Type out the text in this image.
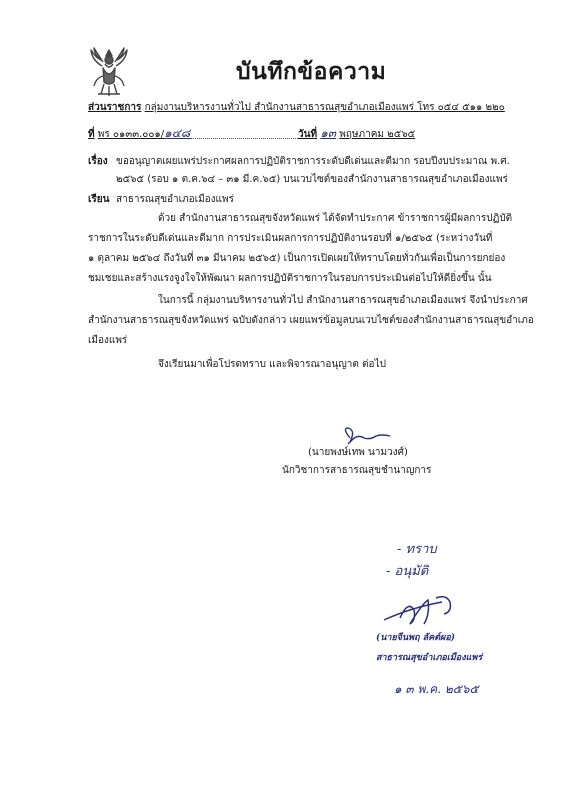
บันทึกข้อความ
ส่วนราชการ กลุ่มงานบริหารงานทั่วไป สำนักงานสาธารณสุขอำเภอเมืองแพร่ โทร ๐๕๔ ๕๑๑ ๒๒๐
ที่ พร ๐๑๓๓.๐๐๑/๑๔๘	วันที่ ๑๓ พฤษภาคม ๒๕๖๕
เรื่อง ขออนุญาตเผยแพร่ประกาศผลการปฏิบัติราชการระดับดีเด่นและดีมาก รอบปีงบประมาณ พ.ศ.
๒๕๖๕ (รอบ ๑ ต.ค.๖๔ – ๓๑ มี.ค.๖๕) บนเวบไซต์ของสำนักงานสาธารณสุขอำเภอเมืองแพร่
เรียน สาธารณสุขอำเภอเมืองแพร่
ด้วย สำนักงานสาธารณสุขจังหวัดแพร่ ได้จัดทำประกาศ ข้าราชการผู้มีผลการปฏิบัติ
ราชการในระดับดีเด่นและดีมาก การประเมินผลการการปฏิบัติงานรอบที่ ๑/๒๕๖๕ (ระหว่างวันที่
๑ ตุลาคม ๒๕๖๔ ถึงวันที่ ๓๑ มีนาคม ๒๕๖๕) เป็นการเปิดเผยให้ทราบโดยทั่วกันเพื่อเป็นการยกย่อง
ชมเชยและสร้างแรงจูงใจให้พัฒนา ผลการปฏิบัติราชการในรอบการประเมินต่อไปให้ดียิ่งขึ้น นั้น
ในการนี้ กลุ่มงานบริหารงานทั่วไป สำนักงานสาธารณสุขอำเภอเมืองแพร่ จึงนำประกาศ
สำนักงานสาธารณสุขจังหวัดแพร่ ฉบับดังกล่าว เผยแพร่ข้อมูลบนเวบไซต์ของสำนักงานสาธารณสุขอำเภอ
เมืองแพร่
จึงเรียนมาเพื่อโปรดทราบ และพิจารณาอนุญาต ต่อไป
(นายพงษ์เทพ นามวงศ์)
นักวิชาการสาธารณสุขชำนาญการ
- ทราบ
- อนุมัติ
(นายจีนพฤ ลัคต์ผอ)
สาธารณสุขอำเภอเมืองแพร่
๑ ๓ พ.ค. ๒๕๖๕
